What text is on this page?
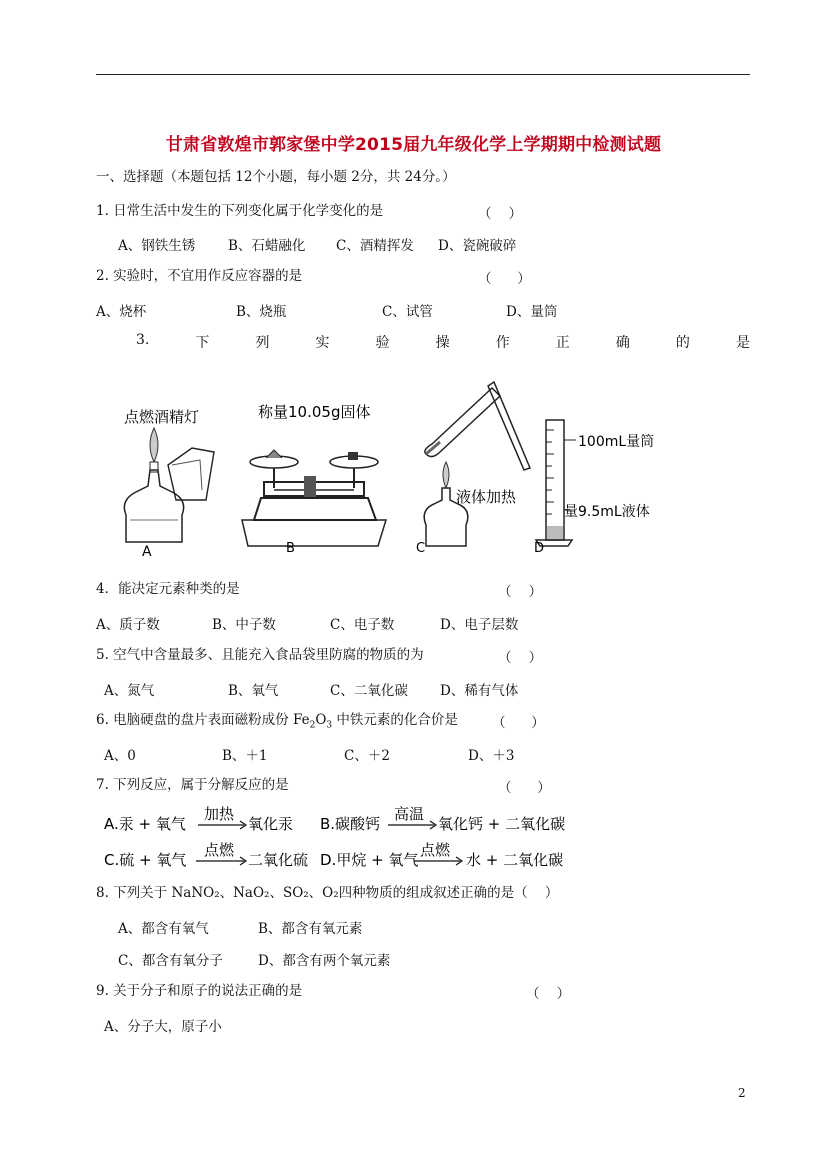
甘肃省敦煌市郭家堡中学2015届九年级化学上学期期中检测试题
一、选择题（本题包括 12个小题，每小题 2分，共 24分。）
1. 日常生活中发生的下列变化属于化学变化的是	（    ）
A、钢铁生锈 B、石蜡融化 C、酒精挥发 D、瓷碗破碎
2. 实验时，不宜用作反应容器的是	（      ）
A、烧杯	B、烧瓶	C、试管	D、量筒
3.	下	列	实	验	操	作	正	确	的	是
点燃酒精灯
A
称量10.05g固体
B
液体加热
C
100mL量筒
量9.5mL液体
D
4．能决定元素种类的是	（    ）
A、质子数	B、中子数	C、电子数	D、电子层数
5. 空气中含量最多、且能充入食品袋里防腐的物质的为	（    ）
A、氮气	B、氧气	C、二氧化碳 D、稀有气体
6. 电脑硬盘的盘片表面磁粉成份 $Fe_2O_3$ 中铁元素的化合价是	（      ）
A、0	B、＋1	C、＋2	D、＋3
7. 下列反应，属于分解反应的是	（      ）
A.汞 + 氧气
加热
氧化汞 B.碳酸钙
高温
氧化钙 + 二氧化碳
C.硫 + 氧气
点燃
二氧化硫 D.甲烷 + 氧气
点燃
水 + 二氧化碳
8. 下列关于 NaNO₂、NaO₂、SO₂、O₂四种物质的组成叙述正确的是（    ）
A、都含有氧气	B、都含有氧元素
C、都含有氧分子	D、都含有两个氧元素
9. 关于分子和原子的说法正确的是	（    ）
A、分子大，原子小
2
